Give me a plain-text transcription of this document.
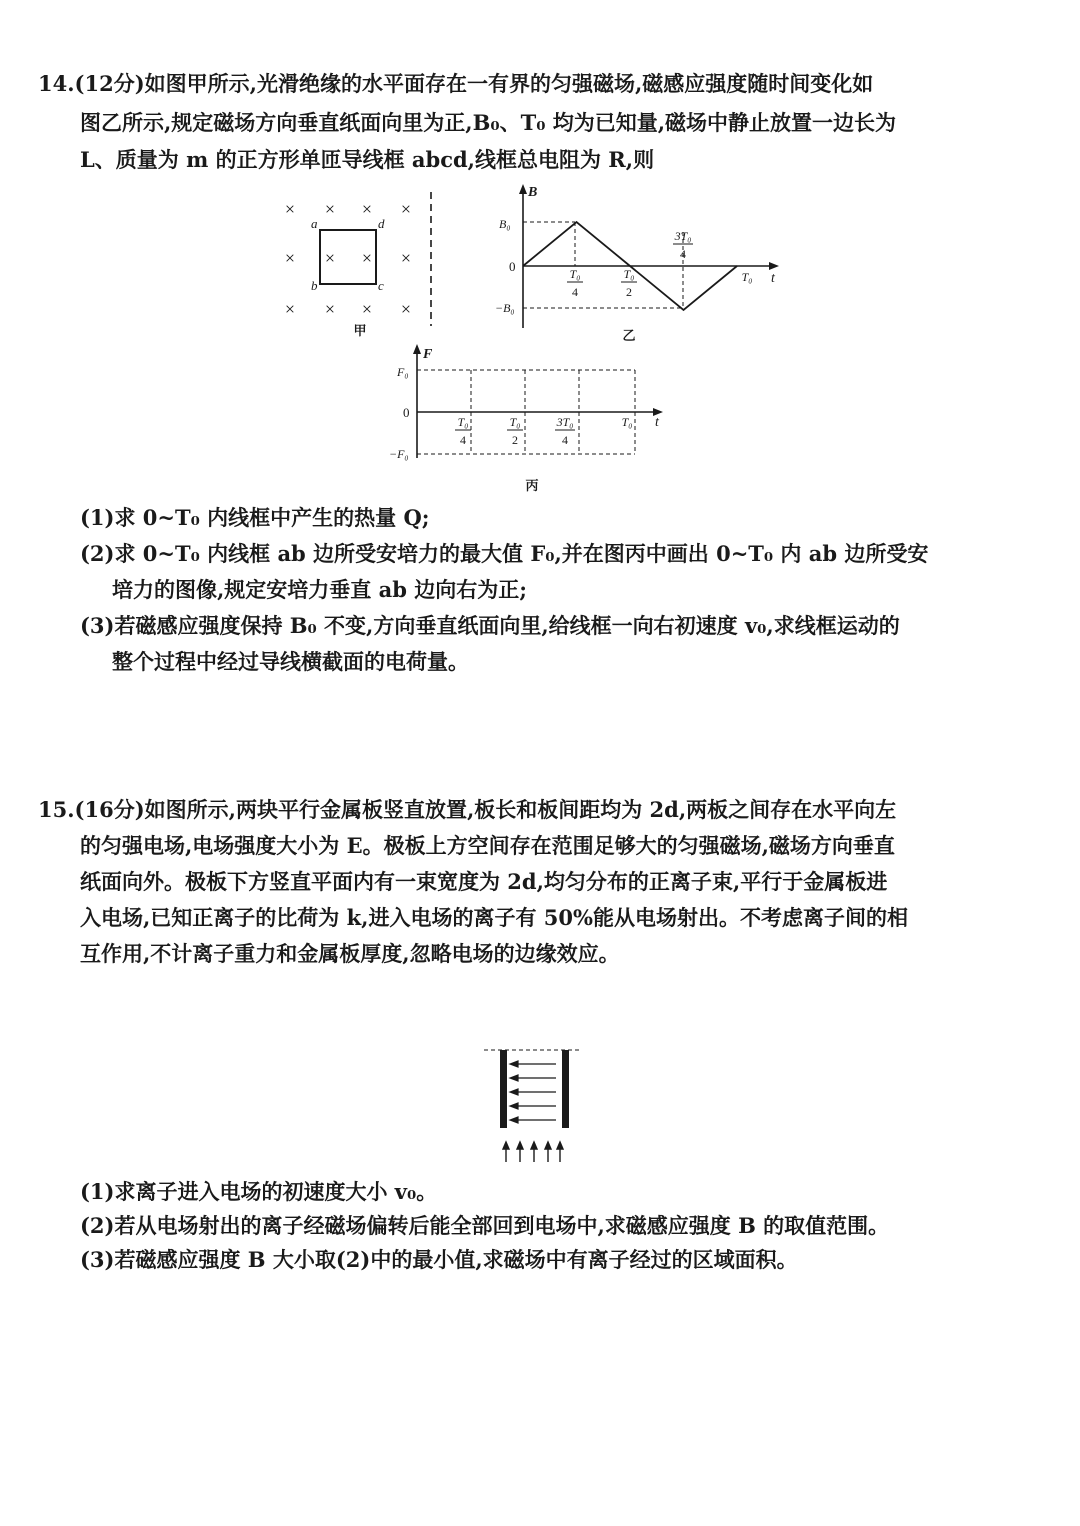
14.(12分)如图甲所示,光滑绝缘的水平面存在一有界的匀强磁场,磁感应强度随时间变化如
图乙所示,规定磁场方向垂直纸面向里为正,B₀、T₀ 均为已知量,磁场中静止放置一边长为
L、质量为 m 的正方形单匝导线框 abcd,线框总电阻为 R,则
× × × ×
× × × ×
× × × ×
a	d
b	c
甲
B
t
0
B₀
−B₀
T₀
4
T₀
2
3T₀
4
T₀
乙
F
t
0
F₀
−F₀
T₀
4
T₀
2
3T₀
4
T₀
丙
(1)求 0~T₀ 内线框中产生的热量 Q;
(2)求 0~T₀ 内线框 ab 边所受安培力的最大值 F₀,并在图丙中画出 0~T₀ 内 ab 边所受安
培力的图像,规定安培力垂直 ab 边向右为正;
(3)若磁感应强度保持 B₀ 不变,方向垂直纸面向里,给线框一向右初速度 v₀,求线框运动的
整个过程中经过导线横截面的电荷量。
15.(16分)如图所示,两块平行金属板竖直放置,板长和板间距均为 2d,两板之间存在水平向左
的匀强电场,电场强度大小为 E。极板上方空间存在范围足够大的匀强磁场,磁场方向垂直
纸面向外。极板下方竖直平面内有一束宽度为 2d,均匀分布的正离子束,平行于金属板进
入电场,已知正离子的比荷为 k,进入电场的离子有 50%能从电场射出。不考虑离子间的相
互作用,不计离子重力和金属板厚度,忽略电场的边缘效应。
(1)求离子进入电场的初速度大小 v₀。
(2)若从电场射出的离子经磁场偏转后能全部回到电场中,求磁感应强度 B 的取值范围。
(3)若磁感应强度 B 大小取(2)中的最小值,求磁场中有离子经过的区域面积。
